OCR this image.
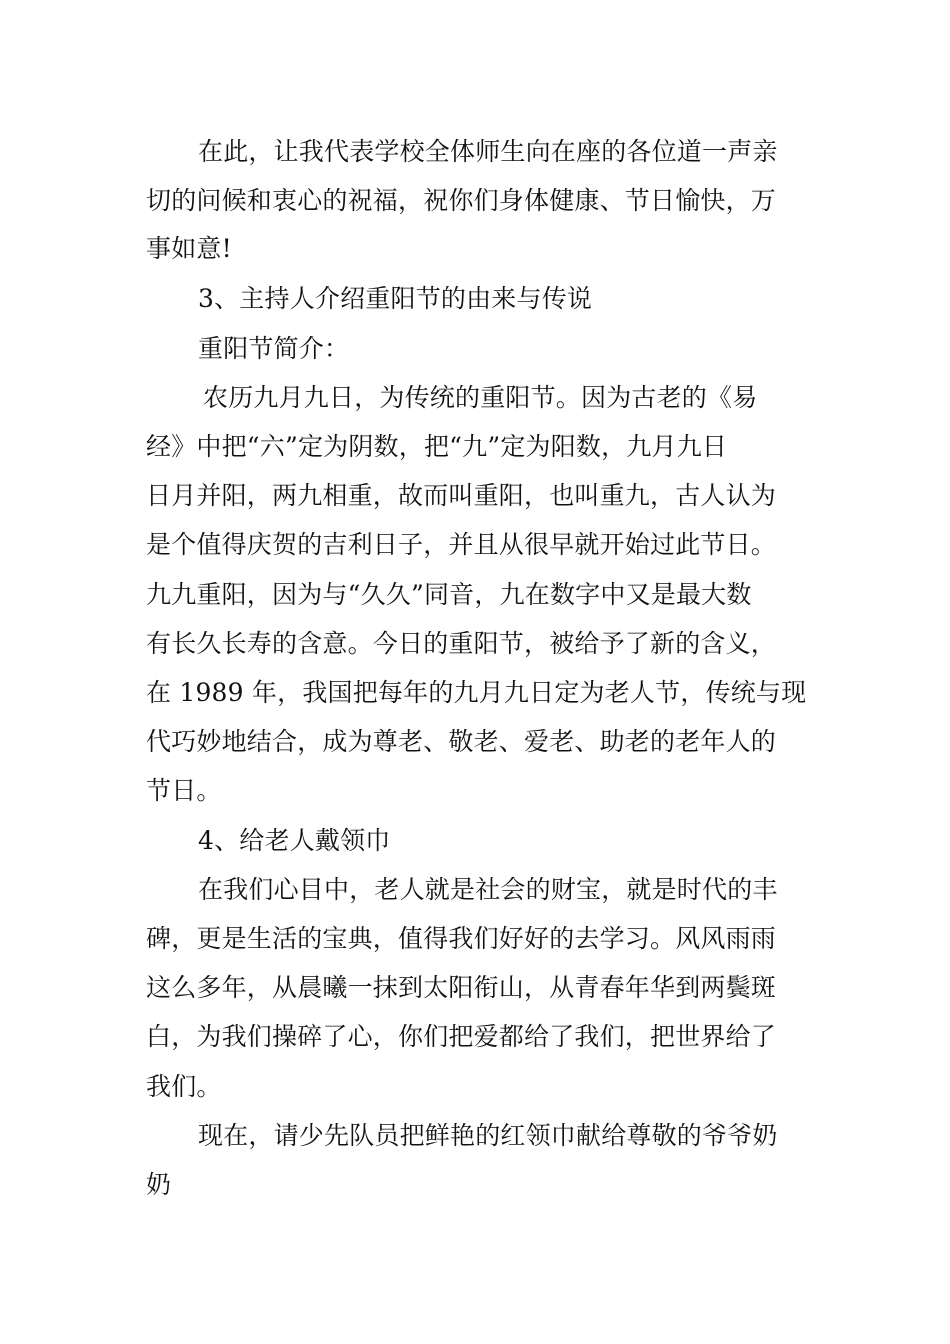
在此，让我代表学校全体师生向在座的各位道一声亲
切的问候和衷心的祝福，祝你们身体健康、节日愉快，万
事如意!
3、主持人介绍重阳节的由来与传说
重阳节简介：
农历九月九日，为传统的重阳节。因为古老的《易
经》中把“六”定为阴数，把“九”定为阳数，九月九日
日月并阳，两九相重，故而叫重阳，也叫重九，古人认为
是个值得庆贺的吉利日子，并且从很早就开始过此节日。
九九重阳，因为与“久久”同音，九在数字中又是最大数
有长久长寿的含意。今日的重阳节，被给予了新的含义，
在 1989 年，我国把每年的九月九日定为老人节，传统与现
代巧妙地结合，成为尊老、敬老、爱老、助老的老年人的
节日。
4、给老人戴领巾
在我们心目中，老人就是社会的财宝，就是时代的丰
碑，更是生活的宝典，值得我们好好的去学习。风风雨雨
这么多年，从晨曦一抹到太阳衔山，从青春年华到两鬓斑
白，为我们操碎了心，你们把爱都给了我们，把世界给了
我们。
现在，请少先队员把鲜艳的红领巾献给尊敬的爷爷奶
奶
